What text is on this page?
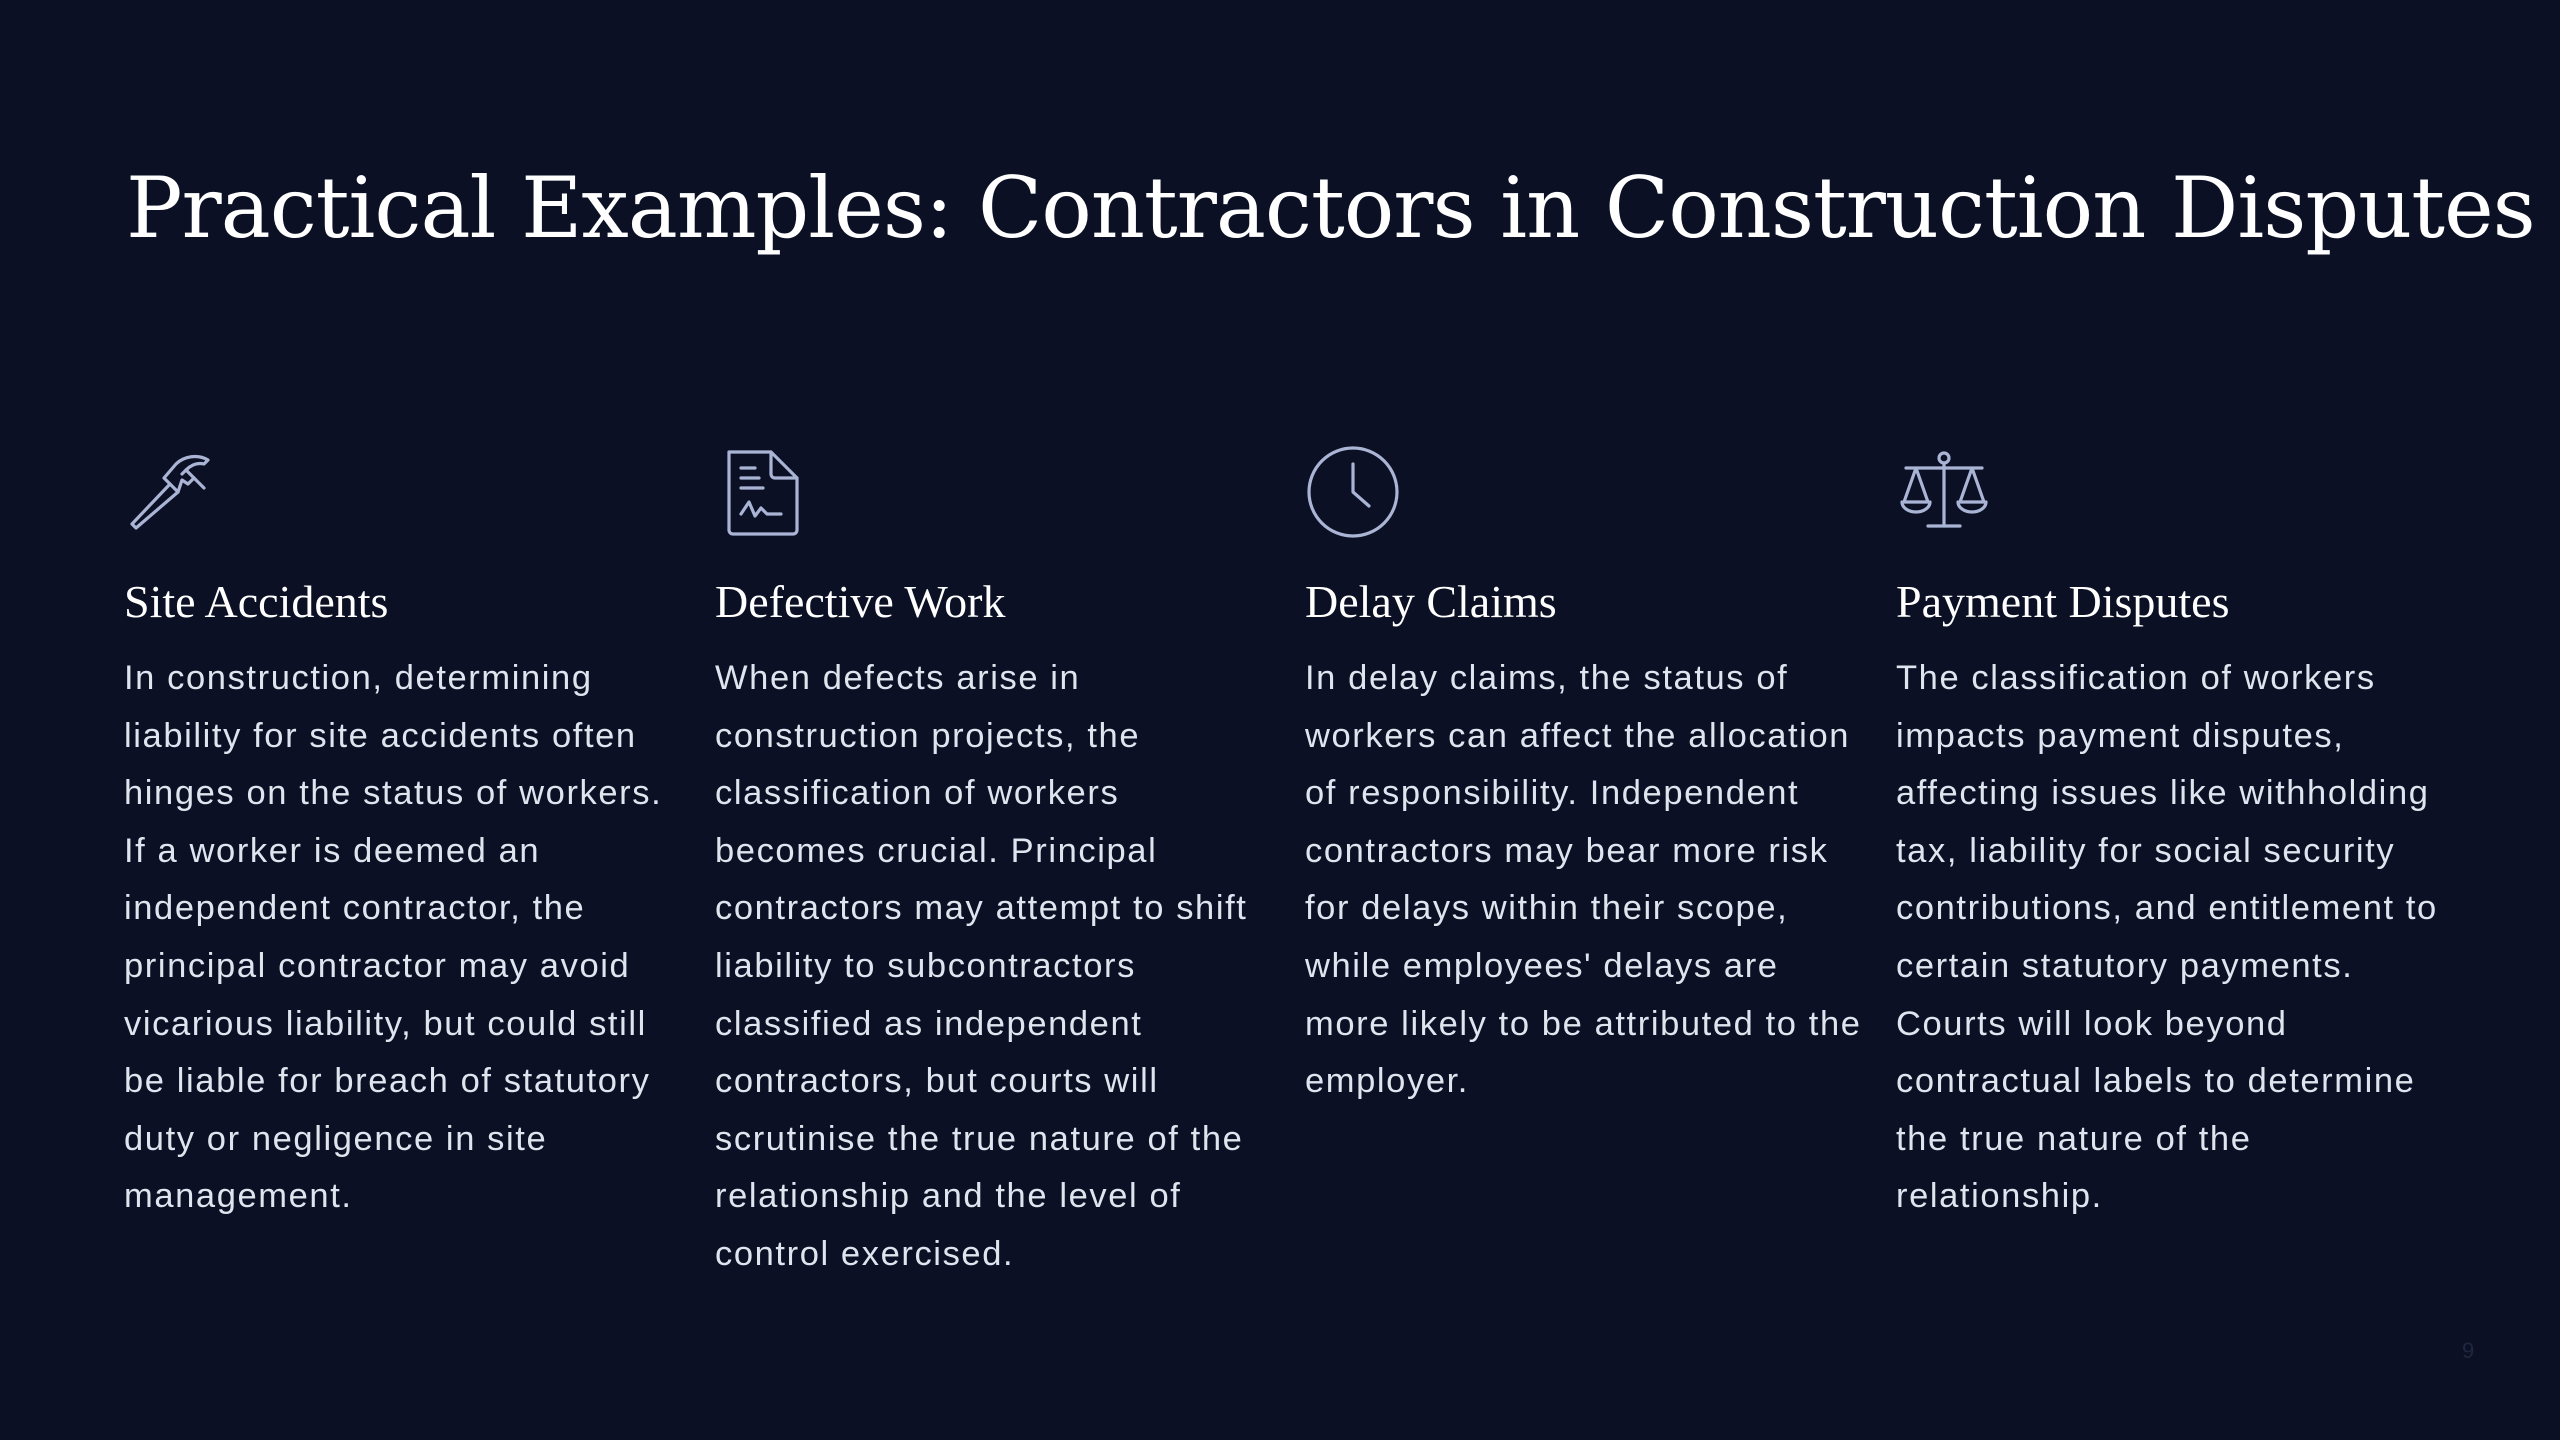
Practical Examples: Contractors in Construction Disputes
Site Accidents

In construction, determining liability for site accidents often hinges on the status of workers. If a worker is deemed an independent contractor, the principal contractor may avoid vicarious liability, but could still be liable for breach of statutory duty or negligence in site management.

Defective Work

When defects arise in construction projects, the classification of workers becomes crucial. Principal contractors may attempt to shift liability to subcontractors classified as independent contractors, but courts will scrutinise the true nature of the relationship and the level of control exercised.

Delay Claims

In delay claims, the status of workers can affect the allocation of responsibility. Independent contractors may bear more risk for delays within their scope, while employees' delays are more likely to be attributed to the employer.

Payment Disputes

The classification of workers impacts payment disputes, affecting issues like withholding tax, liability for social security contributions, and entitlement to certain statutory payments. Courts will look beyond contractual labels to determine the true nature of the relationship.

9
